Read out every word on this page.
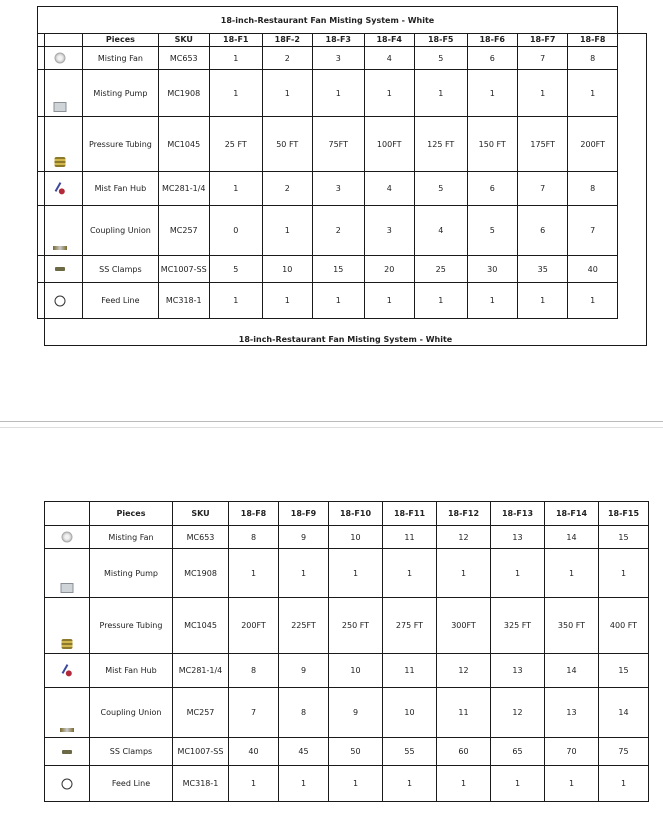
18-inch-Restaurant Fan Misting System - White										
	Pieces	SKU	18-F1	18F-2	18-F3	18-F4	18-F5	18-F6	18-F7	18-F8

	Misting Fan	MC653	1	2	3	4	5	6	7	8

	Misting Pump	MC1908	1	1	1	1	1	1	1	1

	Pressure Tubing	MC1045	25 FT	50 FT	75FT	100FT	125 FT	150 FT	175FT	200FT

	Mist Fan Hub	MC281-1/4	1	2	3	4	5	6	7	8

	Coupling Union	MC257	0	1	2	3	4	5	6	7

	SS Clamps	MC1007-SS	5	10	15	20	25	30	35	40

	Feed Line	MC318-1	1	1	1	1	1	1	1	1
18-inch-Restaurant Fan Misting System - White
	Pieces	SKU	18-F8	18-F9	18-F10	18-F11	18-F12	18-F13	18-F14	18-F15

	Misting Fan	MC653	8	9	10	11	12	13	14	15

	Misting Pump	MC1908	1	1	1	1	1	1	1	1

	Pressure Tubing	MC1045	200FT	225FT	250 FT	275 FT	300FT	325 FT	350 FT	400 FT

	Mist Fan Hub	MC281-1/4	8	9	10	11	12	13	14	15

	Coupling Union	MC257	7	8	9	10	11	12	13	14

	SS Clamps	MC1007-SS	40	45	50	55	60	65	70	75

	Feed Line	MC318-1	1	1	1	1	1	1	1	1
